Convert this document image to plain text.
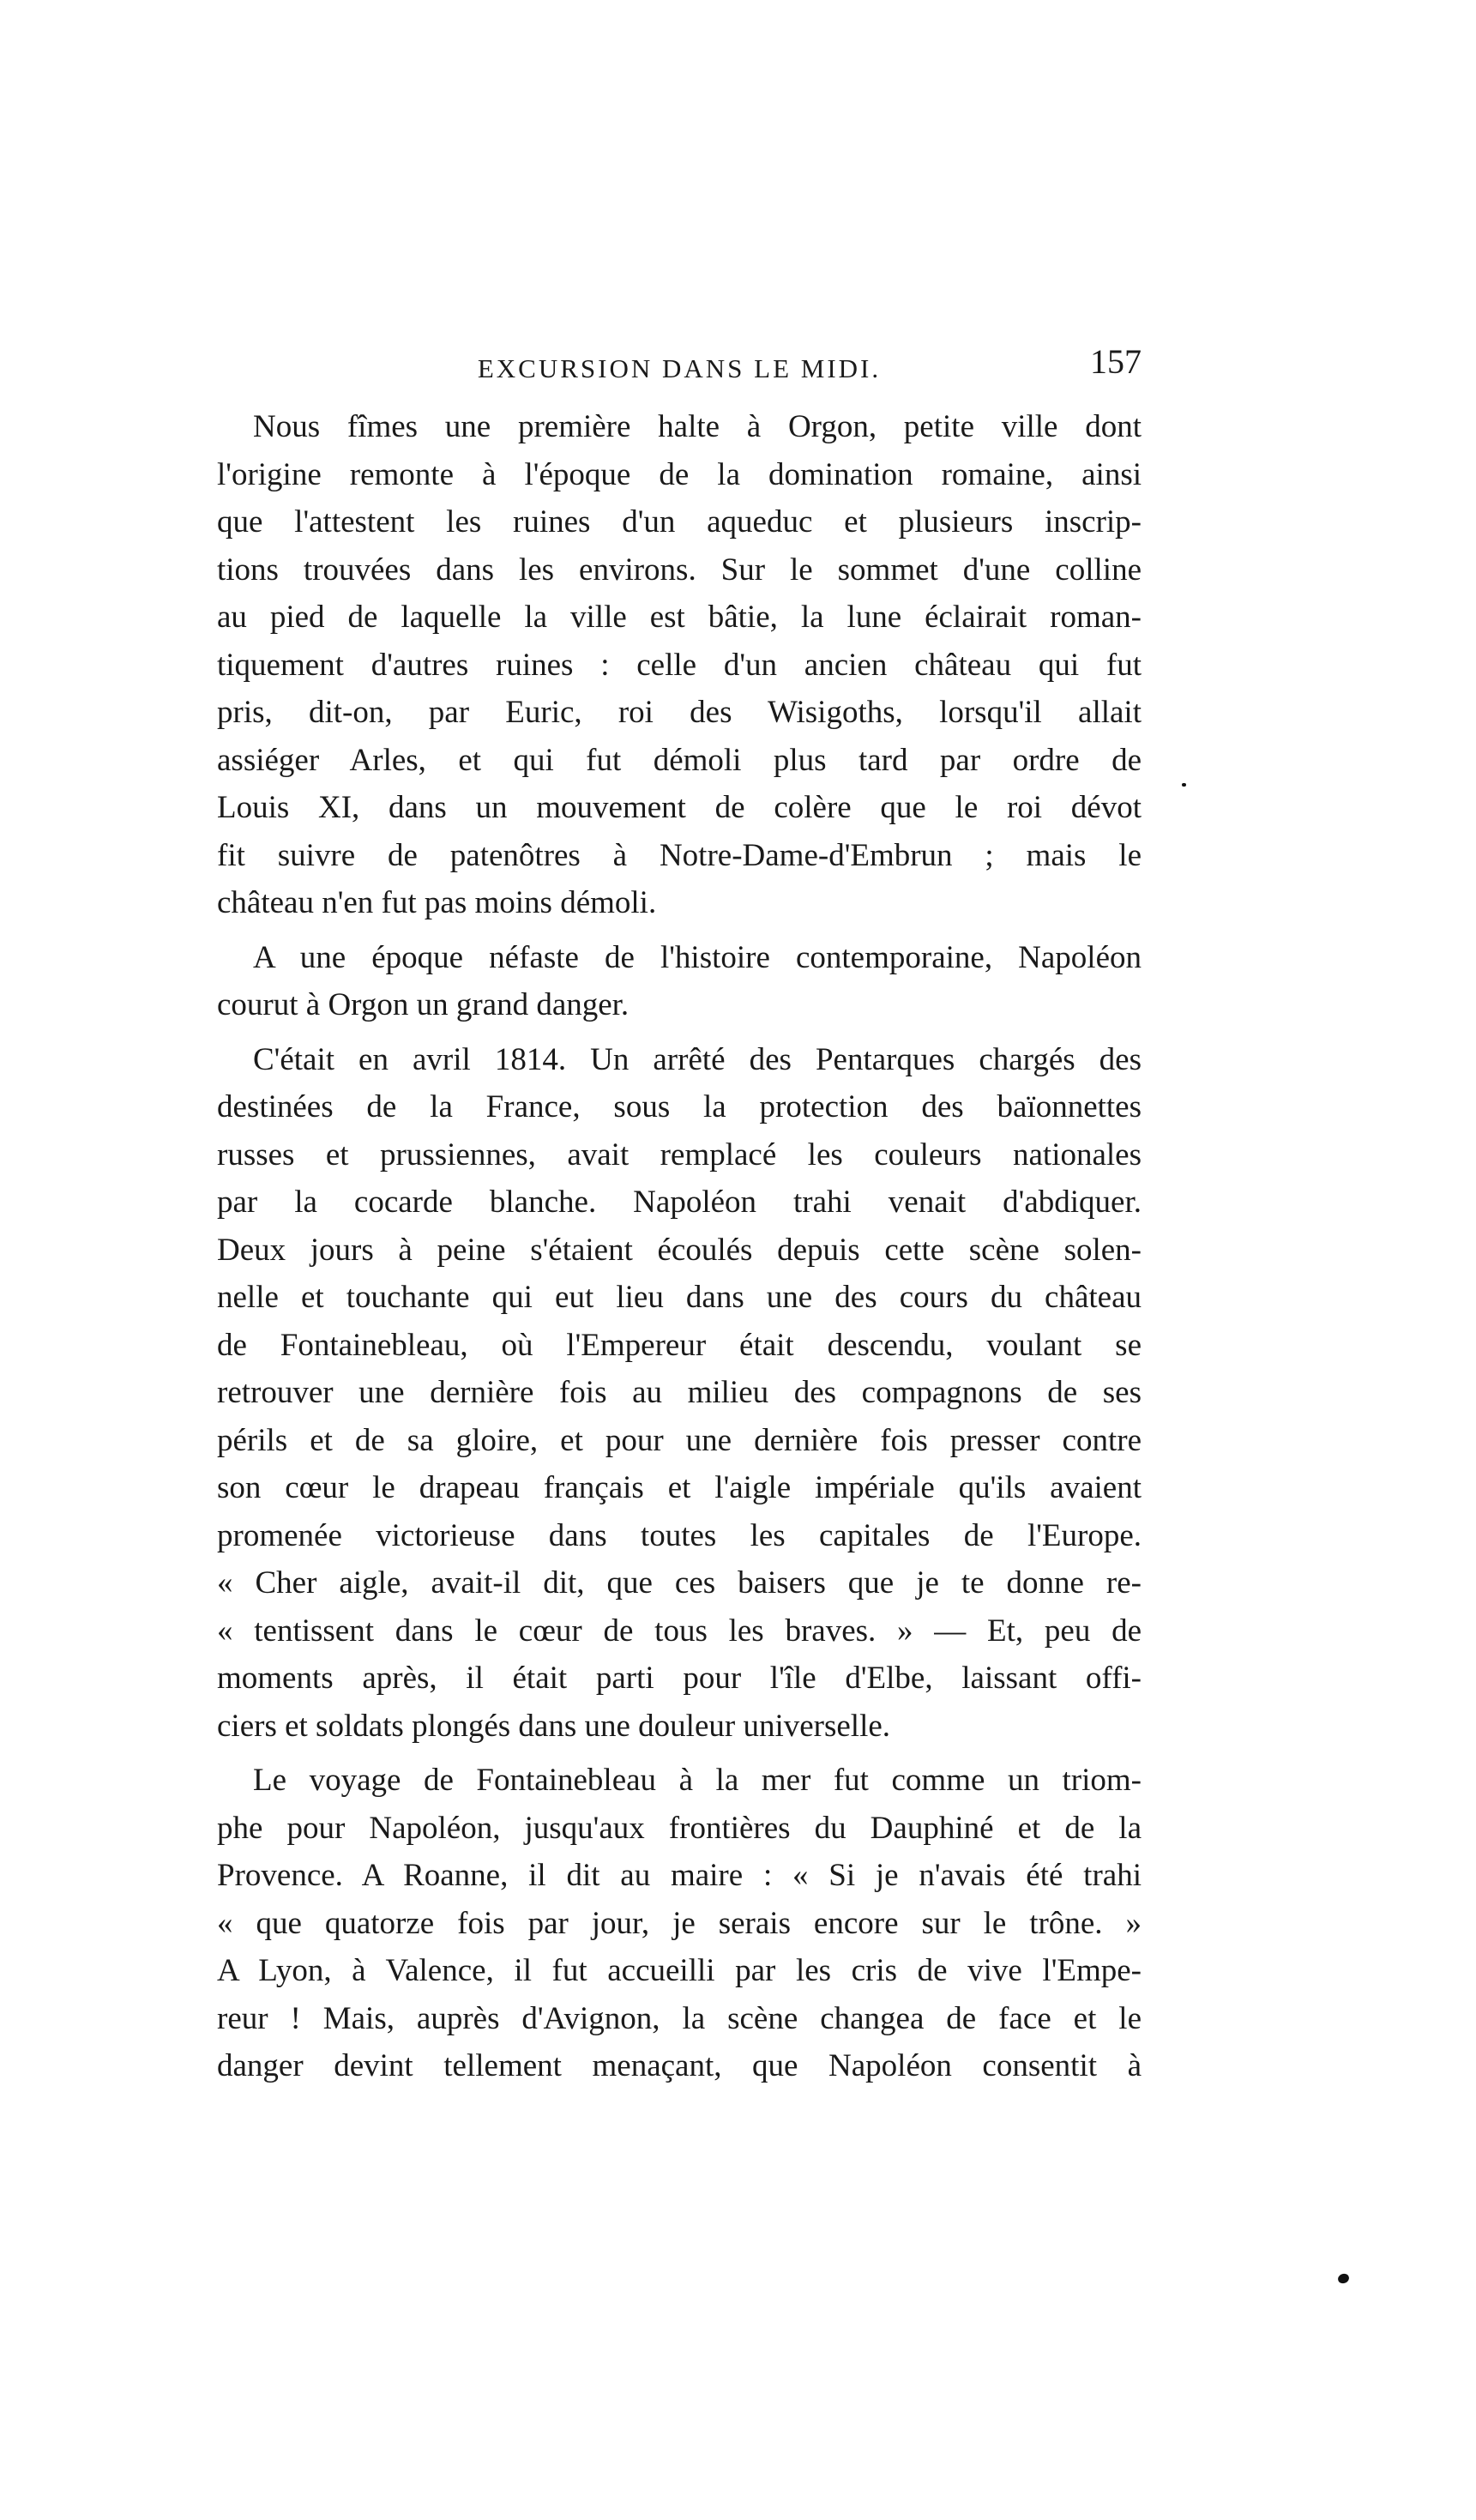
EXCURSION DANS LE MIDI.	157
Nous fîmes une première halte à Orgon, petite ville dont
l'origine remonte à l'époque de la domination romaine, ainsi
que l'attestent les ruines d'un aqueduc et plusieurs inscrip-
tions trouvées dans les environs. Sur le sommet d'une colline
au pied de laquelle la ville est bâtie, la lune éclairait roman-
tiquement d'autres ruines : celle d'un ancien château qui fut
pris, dit-on, par Euric, roi des Wisigoths, lorsqu'il allait
assiéger Arles, et qui fut démoli plus tard par ordre de
Louis XI, dans un mouvement de colère que le roi dévot
fit suivre de patenôtres à Notre-Dame-d'Embrun ; mais le
château n'en fut pas moins démoli.
A une époque néfaste de l'histoire contemporaine, Napoléon
courut à Orgon un grand danger.
C'était en avril 1814. Un arrêté des Pentarques chargés des
destinées de la France, sous la protection des baïonnettes
russes et prussiennes, avait remplacé les couleurs nationales
par la cocarde blanche. Napoléon trahi venait d'abdiquer.
Deux jours à peine s'étaient écoulés depuis cette scène solen-
nelle et touchante qui eut lieu dans une des cours du château
de Fontainebleau, où l'Empereur était descendu, voulant se
retrouver une dernière fois au milieu des compagnons de ses
périls et de sa gloire, et pour une dernière fois presser contre
son cœur le drapeau français et l'aigle impériale qu'ils avaient
promenée victorieuse dans toutes les capitales de l'Europe.
« Cher aigle, avait-il dit, que ces baisers que je te donne re-
« tentissent dans le cœur de tous les braves. » — Et, peu de
moments après, il était parti pour l'île d'Elbe, laissant offi-
ciers et soldats plongés dans une douleur universelle.
Le voyage de Fontainebleau à la mer fut comme un triom-
phe pour Napoléon, jusqu'aux frontières du Dauphiné et de la
Provence. A Roanne, il dit au maire : « Si je n'avais été trahi
« que quatorze fois par jour, je serais encore sur le trône. »
A Lyon, à Valence, il fut accueilli par les cris de vive l'Empe-
reur ! Mais, auprès d'Avignon, la scène changea de face et le
danger devint tellement menaçant, que Napoléon consentit à
